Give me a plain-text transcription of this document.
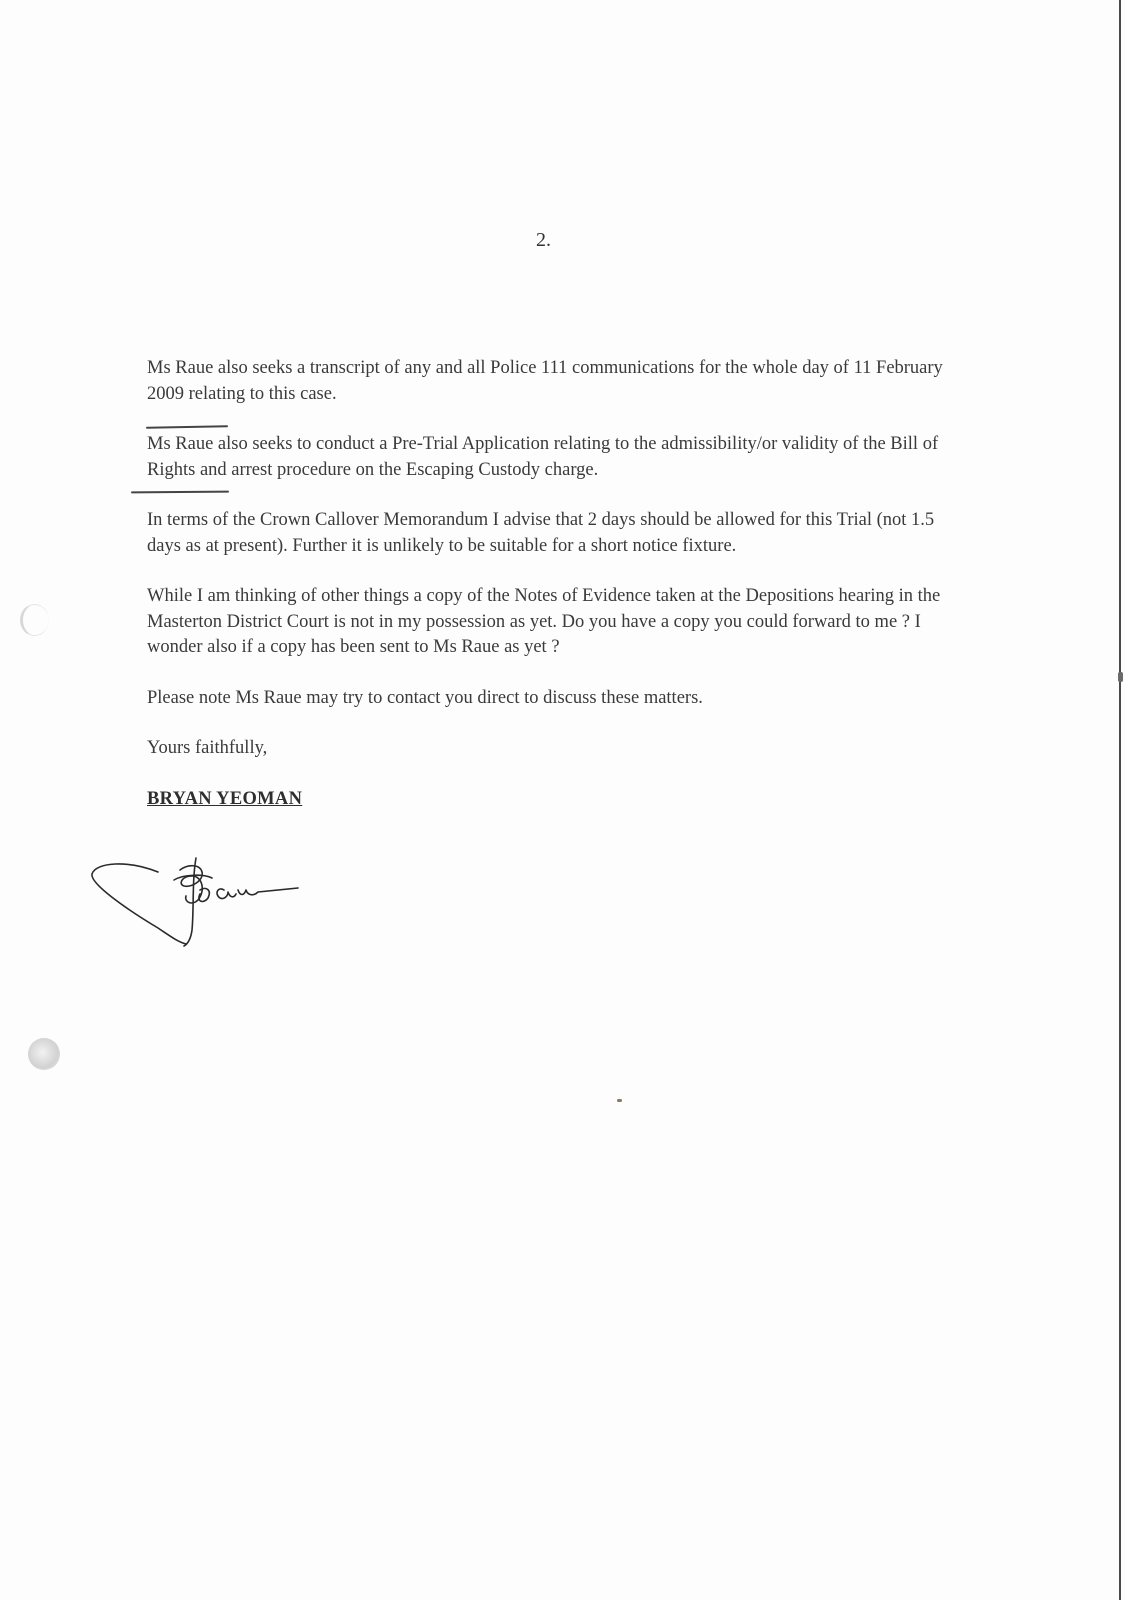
2.

Ms Raue also seeks a transcript of any and all Police 111 communications for the whole day of 11 February 2009 relating to this case.

Ms Raue also seeks to conduct a Pre-Trial Application relating to the admissibility/or validity of the Bill of Rights and arrest procedure on the Escaping Custody charge.

In terms of the Crown Callover Memorandum I advise that 2 days should be allowed for this Trial (not 1.5 days as at present). Further it is unlikely to be suitable for a short notice fixture.

While I am thinking of other things a copy of the Notes of Evidence taken at the Depositions hearing in the Masterton District Court is not in my possession as yet. Do you have a copy you could forward to me ? I wonder also if a copy has been sent to Ms Raue as yet ?

Please note Ms Raue may try to contact you direct to discuss these matters.

Yours faithfully,

BRYAN YEOMAN
